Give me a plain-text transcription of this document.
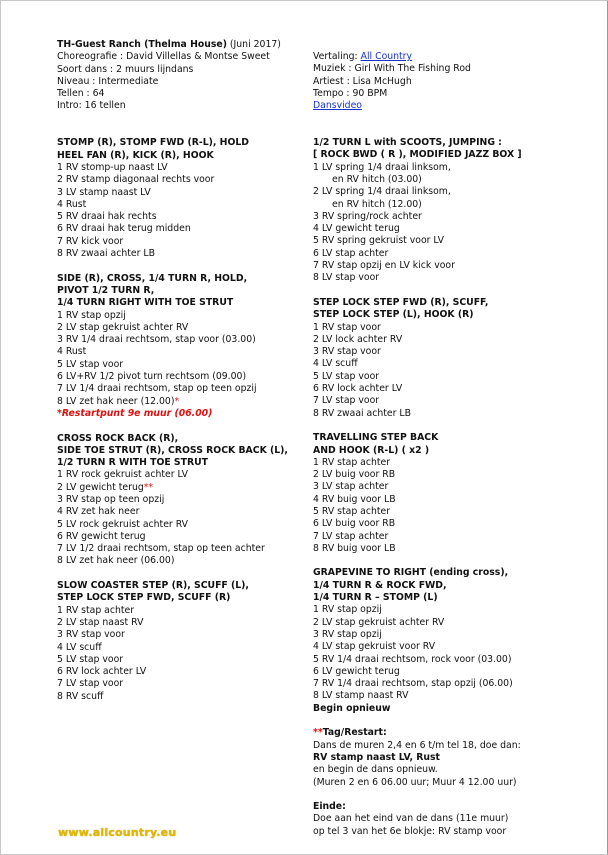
TH-Guest Ranch (Thelma House) (Juni 2017)
Choreografie : David Villellas & Montse Sweet
Soort dans : 2 muurs lijndans
Niveau : Intermediate
Tellen : 64
Intro: 16 tellen
STOMP (R), STOMP FWD (R-L), HOLD
HEEL FAN (R), KICK (R), HOOK
1 RV stomp-up naast LV
2 RV stamp diagonaal rechts voor
3 LV stamp naast LV
4 Rust
5 RV draai hak rechts
6 RV draai hak terug midden
7 RV kick voor
8 RV zwaai achter LB
SIDE (R), CROSS, 1/4 TURN R, HOLD,
PIVOT 1/2 TURN R,
1/4 TURN RIGHT WITH TOE STRUT
1 RV stap opzij
2 LV stap gekruist achter RV
3 RV 1/4 draai rechtsom, stap voor (03.00)
4 Rust
5 LV stap voor
6 LV+RV 1/2 pivot turn rechtsom (09.00)
7 LV 1/4 draai rechtsom, stap op teen opzij
8 LV zet hak neer (12.00)*
*Restartpunt 9e muur (06.00)
CROSS ROCK BACK (R),
SIDE TOE STRUT (R), CROSS ROCK BACK (L),
1/2 TURN R WITH TOE STRUT
1 RV rock gekruist achter LV
2 LV gewicht terug**
3 RV stap op teen opzij
4 RV zet hak neer
5 LV rock gekruist achter RV
6 RV gewicht terug
7 LV 1/2 draai rechtsom, stap op teen achter
8 LV zet hak neer (06.00)
SLOW COASTER STEP (R), SCUFF (L),
STEP LOCK STEP FWD, SCUFF (R)
1 RV stap achter
2 LV stap naast RV
3 RV stap voor
4 LV scuff
5 LV stap voor
6 RV lock achter LV
7 LV stap voor
8 RV scuff
Vertaling: All Country
Muziek : Girl With The Fishing Rod
Artiest : Lisa McHugh
Tempo : 90 BPM
Dansvideo
1/2 TURN L with SCOOTS, JUMPING :
[ ROCK BWD ( R ), MODIFIED JAZZ BOX ]
1 LV spring 1/4 draai linksom,
en RV hitch (03.00)
2 LV spring 1/4 draai linksom,
en RV hitch (12.00)
3 RV spring/rock achter
4 LV gewicht terug
5 RV spring gekruist voor LV
6 LV stap achter
7 RV stap opzij en LV kick voor
8 LV stap voor
STEP LOCK STEP FWD (R), SCUFF,
STEP LOCK STEP (L), HOOK (R)
1 RV stap voor
2 LV lock achter RV
3 RV stap voor
4 LV scuff
5 LV stap voor
6 RV lock achter LV
7 LV stap voor
8 RV zwaai achter LB
TRAVELLING STEP BACK
AND HOOK (R-L) ( x2 )
1 RV stap achter
2 LV buig voor RB
3 LV stap achter
4 RV buig voor LB
5 RV stap achter
6 LV buig voor RB
7 LV stap achter
8 RV buig voor LB
GRAPEVINE TO RIGHT (ending cross),
1/4 TURN R & ROCK FWD,
1/4 TURN R – STOMP (L)
1 RV stap opzij
2 LV stap gekruist achter RV
3 RV stap opzij
4 LV stap gekruist voor RV
5 RV 1/4 draai rechtsom, rock voor (03.00)
6 LV gewicht terug
7 RV 1/4 draai rechtsom, stap opzij (06.00)
8 LV stamp naast RV
Begin opnieuw
**Tag/Restart:
Dans de muren 2,4 en 6 t/m tel 18, doe dan:
RV stamp naast LV, Rust
en begin de dans opnieuw.
(Muren 2 en 6 06.00 uur; Muur 4 12.00 uur)
Einde:
Doe aan het eind van de dans (11e muur)
op tel 3 van het 6e blokje: RV stamp voor
www.allcountry.eu
